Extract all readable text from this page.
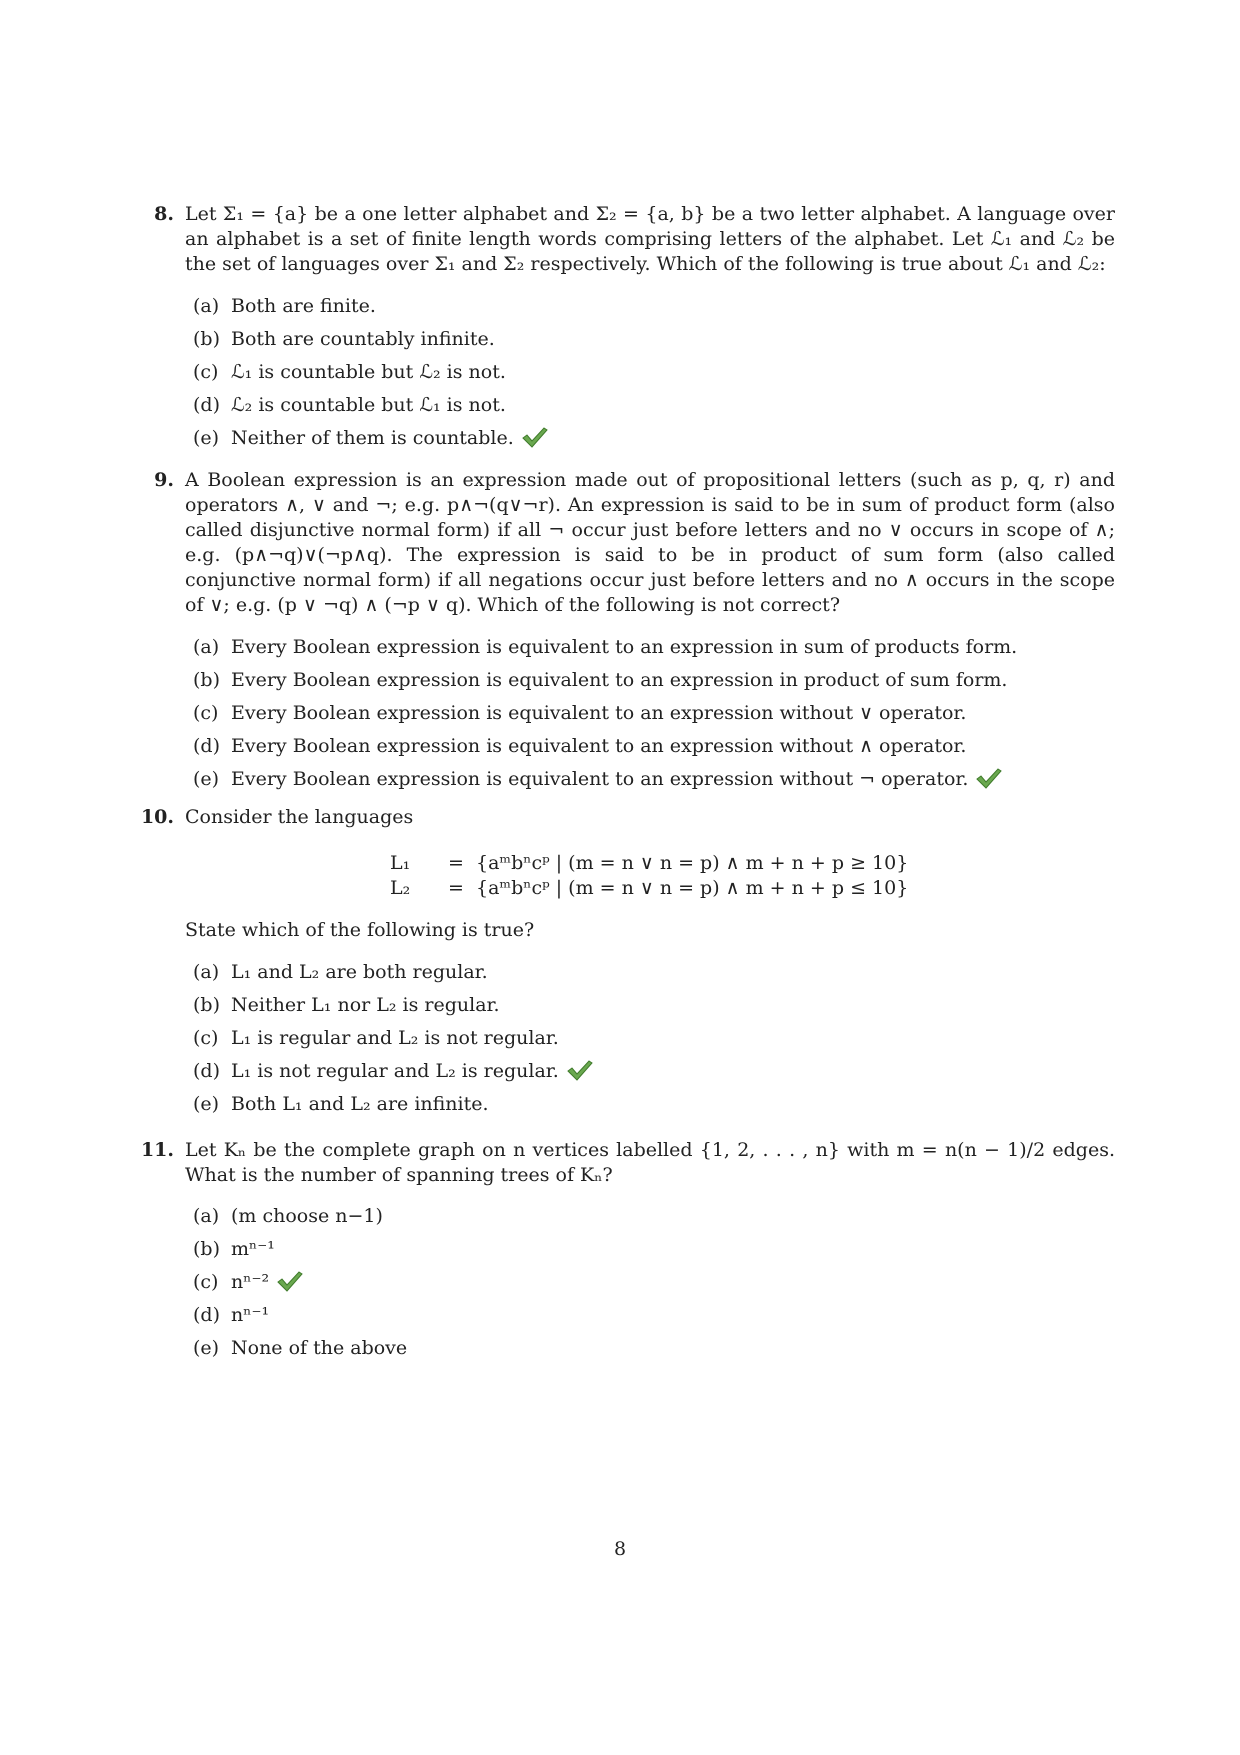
8. Let Σ₁ = {a} be a one letter alphabet and Σ₂ = {a, b} be a two letter alphabet. A language over an alphabet is a set of finite length words comprising letters of the alphabet. Let ℒ₁ and ℒ₂ be the set of languages over Σ₁ and Σ₂ respectively. Which of the following is true about ℒ₁ and ℒ₂:
(a) Both are finite.
(b) Both are countably infinite.
(c) ℒ₁ is countable but ℒ₂ is not.
(d) ℒ₂ is countable but ℒ₁ is not.
(e) Neither of them is countable.
9. A Boolean expression is an expression made out of propositional letters (such as p, q, r) and operators ∧, ∨ and ¬; e.g. p∧¬(q∨¬r). An expression is said to be in sum of product form (also called disjunctive normal form) if all ¬ occur just before letters and no ∨ occurs in scope of ∧; e.g. (p∧¬q)∨(¬p∧q). The expression is said to be in product of sum form (also called conjunctive normal form) if all negations occur just before letters and no ∧ occurs in the scope of ∨; e.g. (p ∨ ¬q) ∧ (¬p ∨ q). Which of the following is not correct?
(a) Every Boolean expression is equivalent to an expression in sum of products form.
(b) Every Boolean expression is equivalent to an expression in product of sum form.
(c) Every Boolean expression is equivalent to an expression without ∨ operator.
(d) Every Boolean expression is equivalent to an expression without ∧ operator.
(e) Every Boolean expression is equivalent to an expression without ¬ operator.
10. Consider the languages
L₁ = {aᵐbⁿcᵖ | (m = n ∨ n = p) ∧ m + n + p ≥ 10}
L₂ = {aᵐbⁿcᵖ | (m = n ∨ n = p) ∧ m + n + p ≤ 10}
State which of the following is true?
(a) L₁ and L₂ are both regular.
(b) Neither L₁ nor L₂ is regular.
(c) L₁ is regular and L₂ is not regular.
(d) L₁ is not regular and L₂ is regular.
(e) Both L₁ and L₂ are infinite.
11. Let Kₙ be the complete graph on n vertices labelled {1, 2, . . . , n} with m = n(n − 1)/2 edges. What is the number of spanning trees of Kₙ?
(a) (m choose n−1)
(b) mⁿ⁻¹
(c) nⁿ⁻²
(d) nⁿ⁻¹
(e) None of the above
8
